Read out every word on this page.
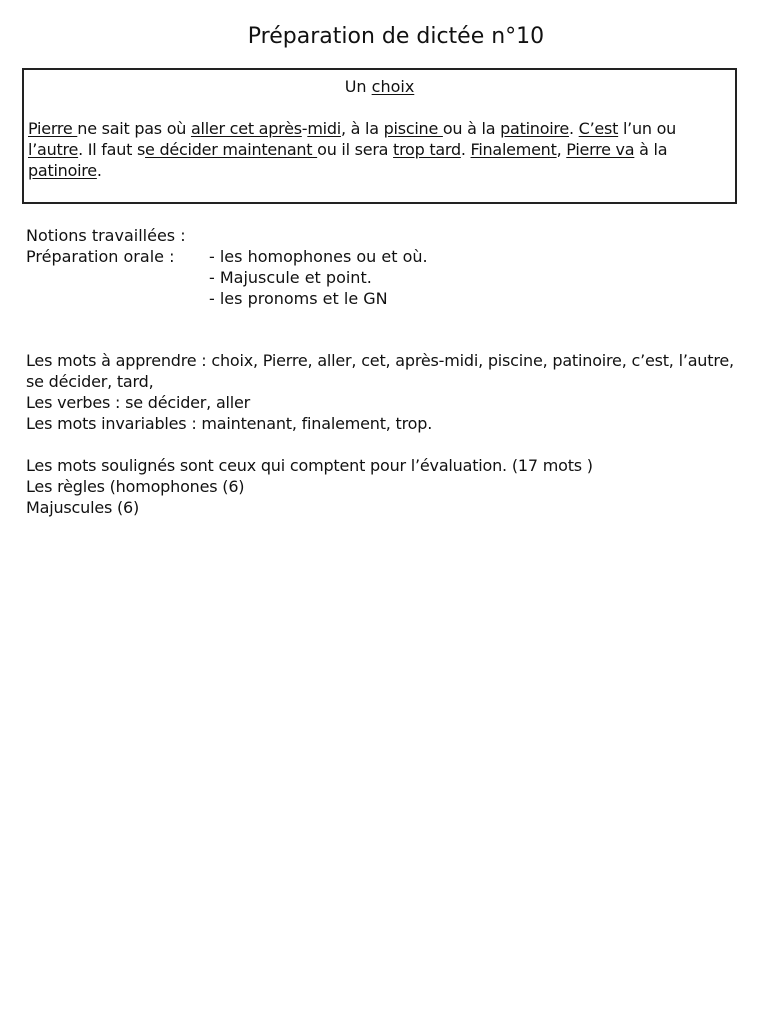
Préparation de dictée n°10
Un choix

Pierre ne sait pas où aller cet après-midi, à la piscine ou à la patinoire. C’est l’un ou l’autre. Il faut se décider maintenant ou il sera trop tard. Finalement, Pierre va à la patinoire.

Notions travaillées :
Préparation orale :
-	les homophones ou et où.
- Majuscule et point.
- les pronoms et le GN
Les mots à apprendre : choix, Pierre, aller, cet, après-midi, piscine, patinoire, c’est, l’autre, se décider, tard,
Les verbes : se décider, aller
Les mots invariables : maintenant, finalement, trop.
Les mots soulignés sont ceux qui comptent pour l’évaluation. (17 mots )
Les règles (homophones (6)
Majuscules (6)
